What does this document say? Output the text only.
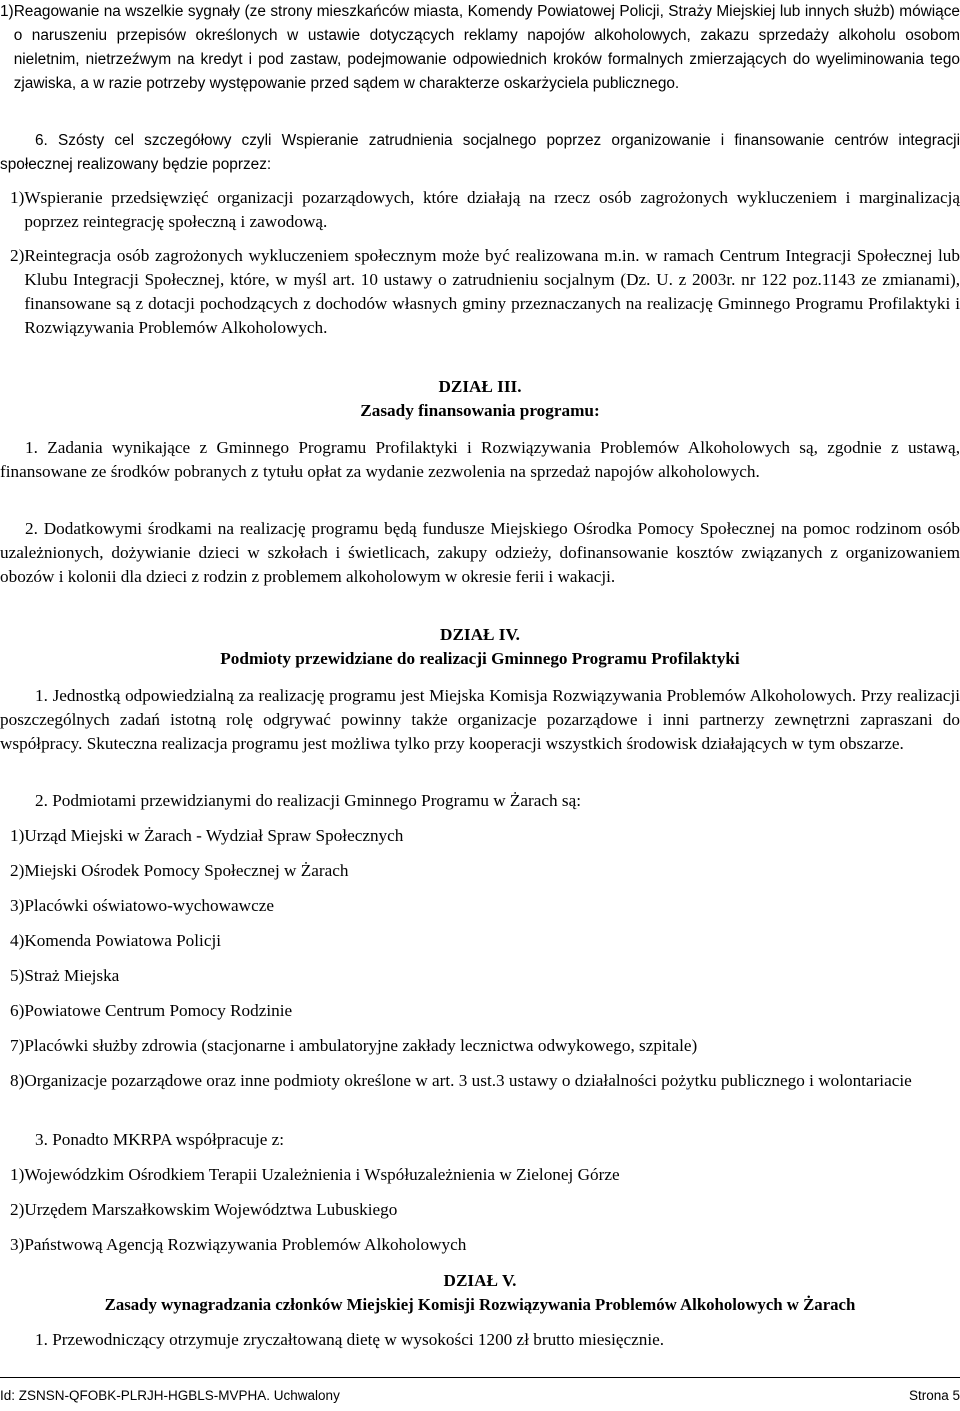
1) Reagowanie na wszelkie sygnały (ze strony mieszkańców miasta, Komendy Powiatowej Policji, Straży Miejskiej lub innych służb) mówiące o naruszeniu przepisów określonych w ustawie dotyczących reklamy napojów alkoholowych, zakazu sprzedaży alkoholu osobom nieletnim, nietrzeźwym na kredyt i pod zastaw, podejmowanie odpowiednich kroków formalnych zmierzających do wyeliminowania tego zjawiska, a w razie potrzeby występowanie przed sądem w charakterze oskarżyciela publicznego.

6. Szósty cel szczegółowy czyli Wspieranie zatrudnienia socjalnego poprzez organizowanie i finansowanie centrów integracji społecznej realizowany będzie poprzez:

1) Wspieranie przedsięwzięć organizacji pozarządowych, które działają na rzecz osób zagrożonych wykluczeniem i marginalizacją poprzez reintegrację społeczną i zawodową.
2) Reintegracja osób zagrożonych wykluczeniem społecznym może być realizowana m.in. w ramach Centrum Integracji Społecznej lub Klubu Integracji Społecznej, które, w myśl art. 10 ustawy o zatrudnieniu socjalnym (Dz. U. z 2003r. nr 122 poz.1143 ze zmianami), finansowane są z dotacji pochodzących z dochodów własnych gminy przeznaczanych na realizację Gminnego Programu Profilaktyki i Rozwiązywania Problemów Alkoholowych.

DZIAŁ III.

Zasady finansowania programu:

1. Zadania wynikające z Gminnego Programu Profilaktyki i Rozwiązywania Problemów Alkoholowych są, zgodnie z ustawą, finansowane ze środków pobranych z tytułu opłat za wydanie zezwolenia na sprzedaż napojów alkoholowych.

2. Dodatkowymi środkami na realizację programu będą fundusze Miejskiego Ośrodka Pomocy Społecznej na pomoc rodzinom osób uzależnionych, dożywianie dzieci w szkołach i świetlicach, zakupy odzieży, dofinansowanie kosztów związanych z organizowaniem obozów i kolonii dla dzieci z rodzin z problemem alkoholowym w okresie ferii i wakacji.

DZIAŁ IV.

Podmioty przewidziane do realizacji Gminnego Programu Profilaktyki

1. Jednostką odpowiedzialną za realizację programu jest Miejska Komisja Rozwiązywania Problemów Alkoholowych. Przy realizacji poszczególnych zadań istotną rolę odgrywać powinny także organizacje pozarządowe i inni partnerzy zewnętrzni zapraszani do współpracy. Skuteczna realizacja programu jest możliwa tylko przy kooperacji wszystkich środowisk działających w tym obszarze.

2. Podmiotami przewidzianymi do realizacji Gminnego Programu w Żarach są:

1) Urząd Miejski w Żarach - Wydział Spraw Społecznych
2) Miejski Ośrodek Pomocy Społecznej w Żarach
3) Placówki oświatowo-wychowawcze
4) Komenda Powiatowa Policji
5) Straż Miejska
6) Powiatowe Centrum Pomocy Rodzinie
7)Placówki służby zdrowia (stacjonarne i ambulatoryjne zakłady lecznictwa odwykowego, szpitale)
8) Organizacje pozarządowe oraz inne podmioty określone w art. 3 ust.3 ustawy o działalności pożytku publicznego i wolontariacie

3. Ponadto MKRPA współpracuje z:

1) Wojewódzkim Ośrodkiem Terapii Uzależnienia i Współuzależnienia w Zielonej Górze
2) Urzędem Marszałkowskim Województwa Lubuskiego
3) Państwową Agencją Rozwiązywania Problemów Alkoholowych

DZIAŁ V.

Zasady wynagradzania członków Miejskiej Komisji Rozwiązywania Problemów Alkoholowych w Żarach

1. Przewodniczący otrzymuje zryczałtowaną dietę w wysokości 1200 zł brutto miesięcznie.

Id: ZSNSN-QFOBK-PLRJH-HGBLS-MVPHA. Uchwalony	Strona 5
